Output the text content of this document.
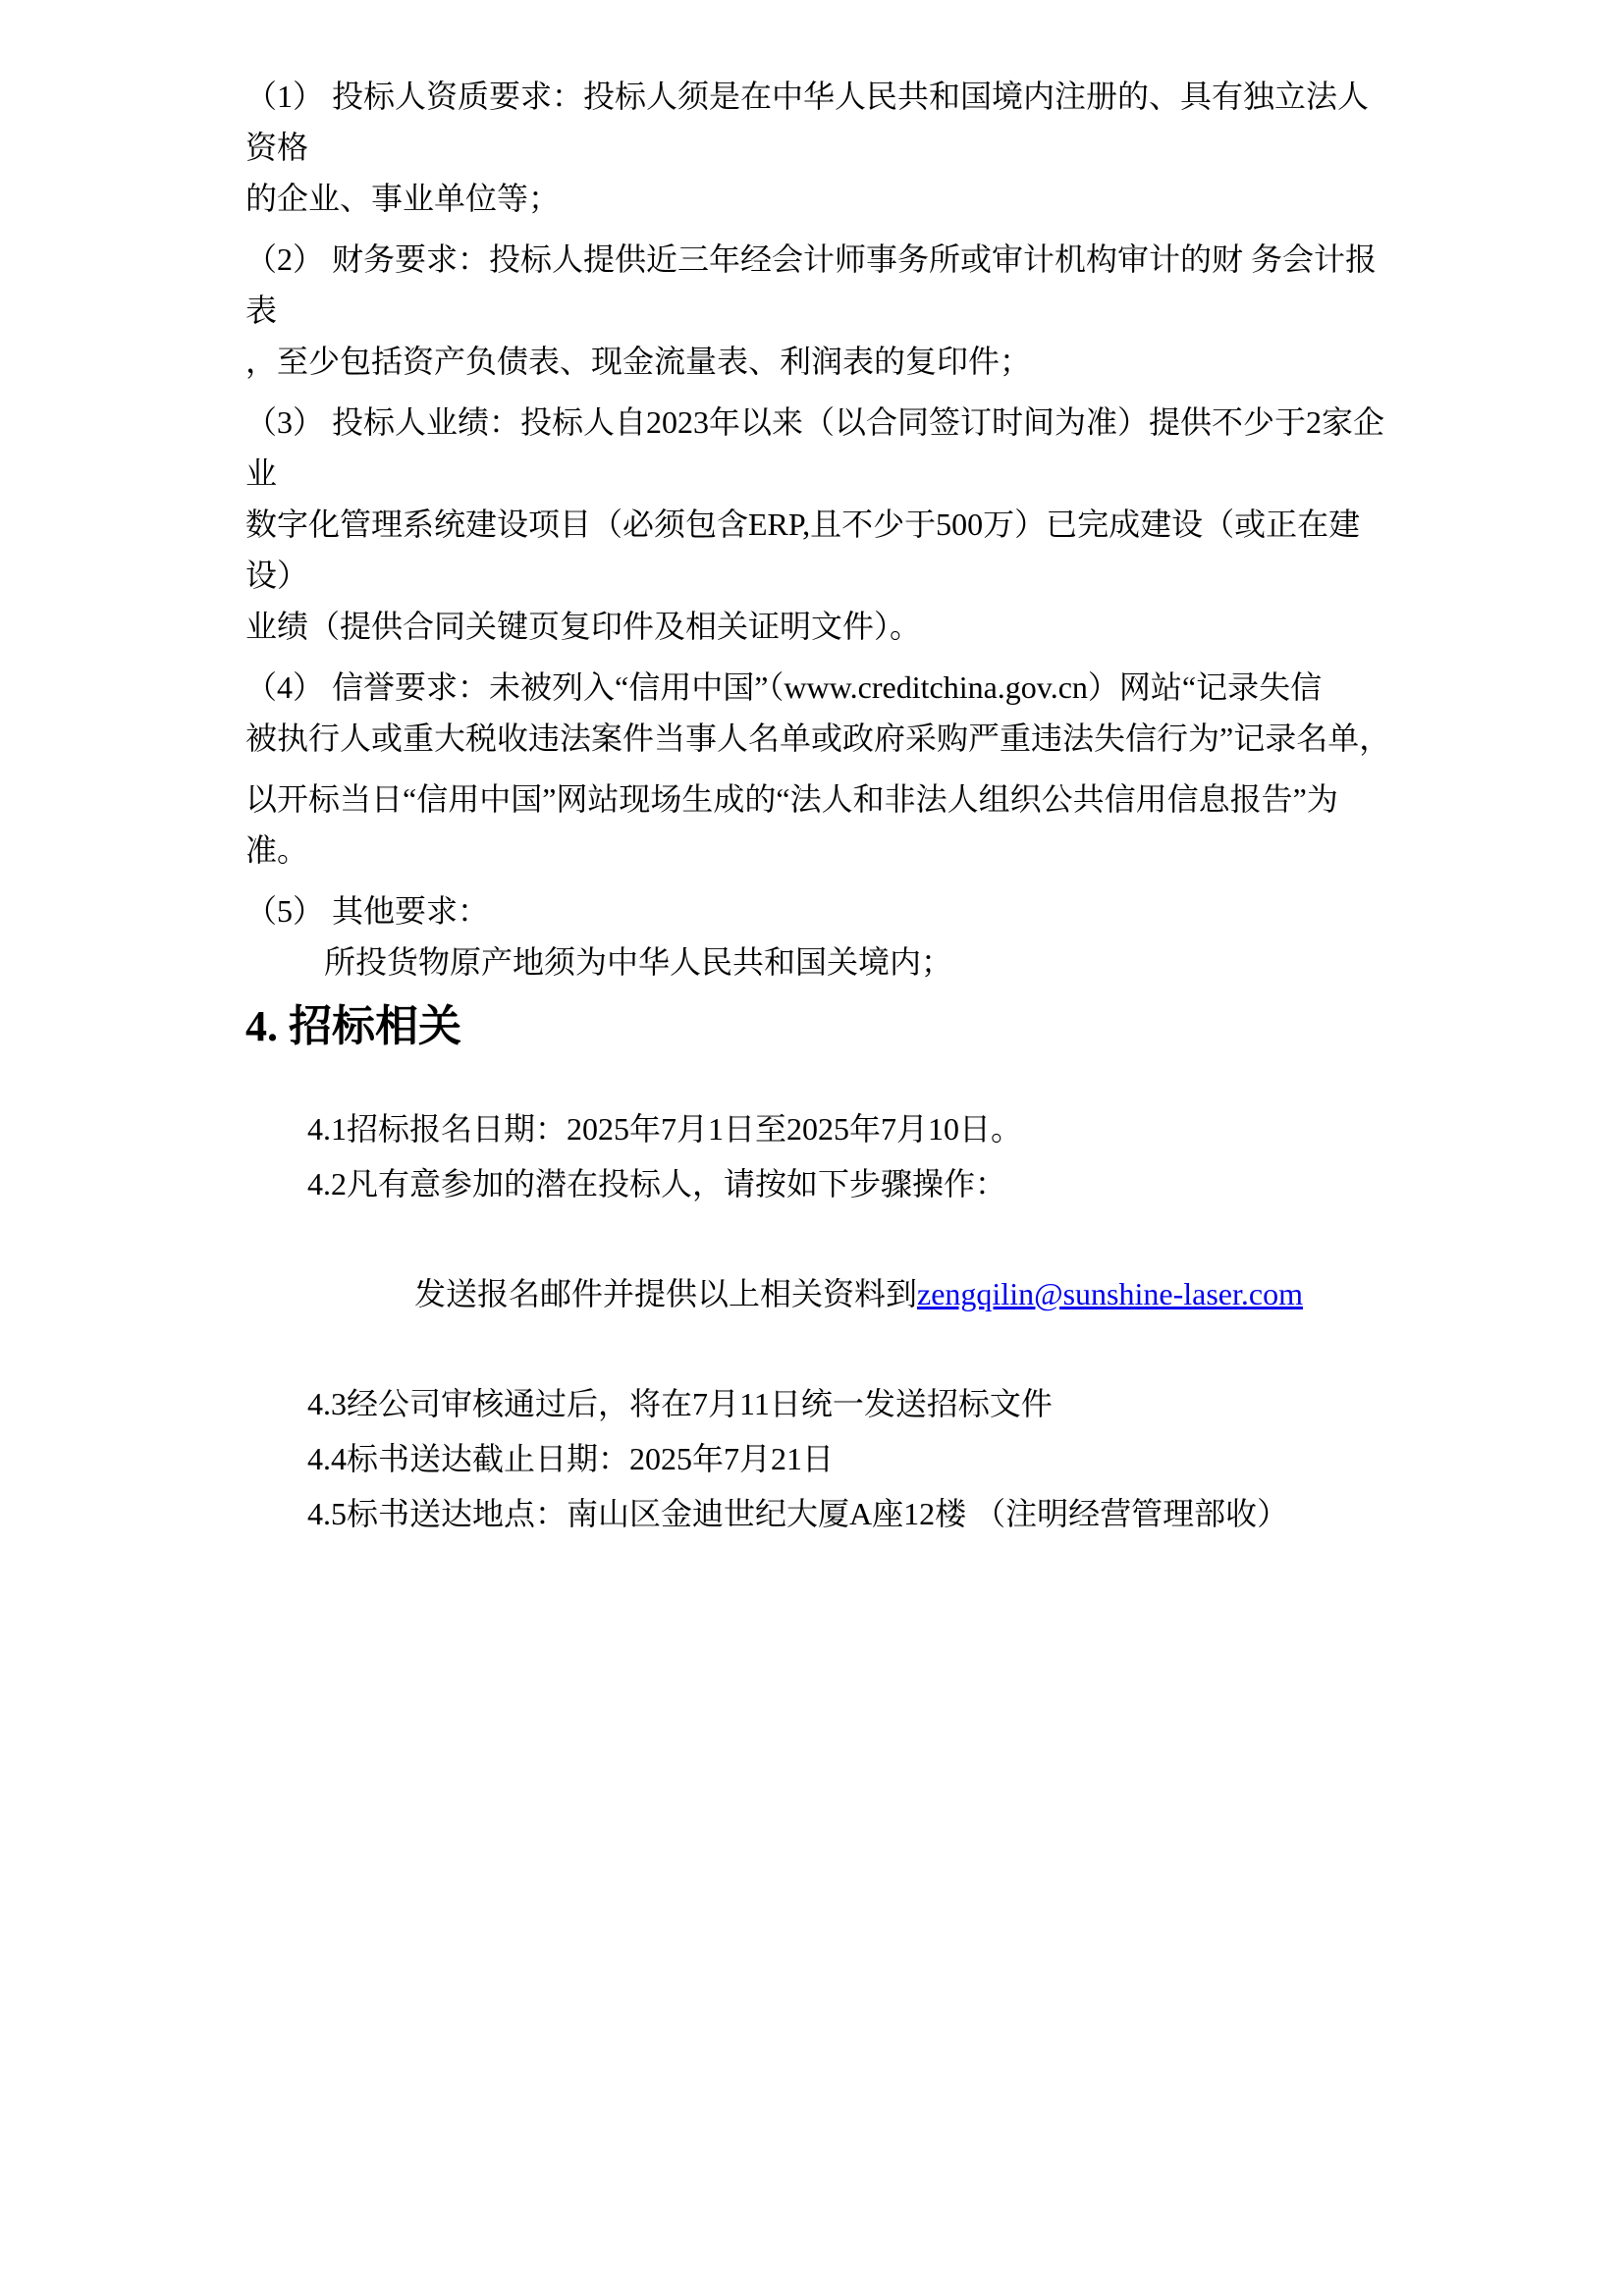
（1） 投标人资质要求：投标人须是在中华人民共和国境内注册的、具有独立法人资格
的企业、事业单位等；

（2） 财务要求：投标人提供近三年经会计师事务所或审计机构审计的财 务会计报表
，至少包括资产负债表、现金流量表、利润表的复印件；

（3） 投标人业绩：投标人自2023年以来（以合同签订时间为准）提供不少于2家企业
数字化管理系统建设项目（必须包含ERP,且不少于500万）已完成建设（或正在建设）
业绩（提供合同关键页复印件及相关证明文件）。

（4） 信誉要求：未被列入“信用中国”（www.creditchina.gov.cn）网站“记录失信
被执行人或重大税收违法案件当事人名单或政府采购严重违法失信行为”记录名单，

以开标当日“信用中国”网站现场生成的“法人和非法人组织公共信用信息报告”为
准。

（5） 其他要求：
所投货物原产地须为中华人民共和国关境内；

4. 招标相关
4.1招标报名日期：2025年7月1日至2025年7月10日。
4.2凡有意参加的潜在投标人，请按如下步骤操作：

发送报名邮件并提供以上相关资料到zengqilin@sunshine-laser.com

4.3经公司审核通过后，将在7月11日统一发送招标文件
4.4标书送达截止日期：2025年7月21日
4.5标书送达地点：南山区金迪世纪大厦A座12楼 （注明经营管理部收）
